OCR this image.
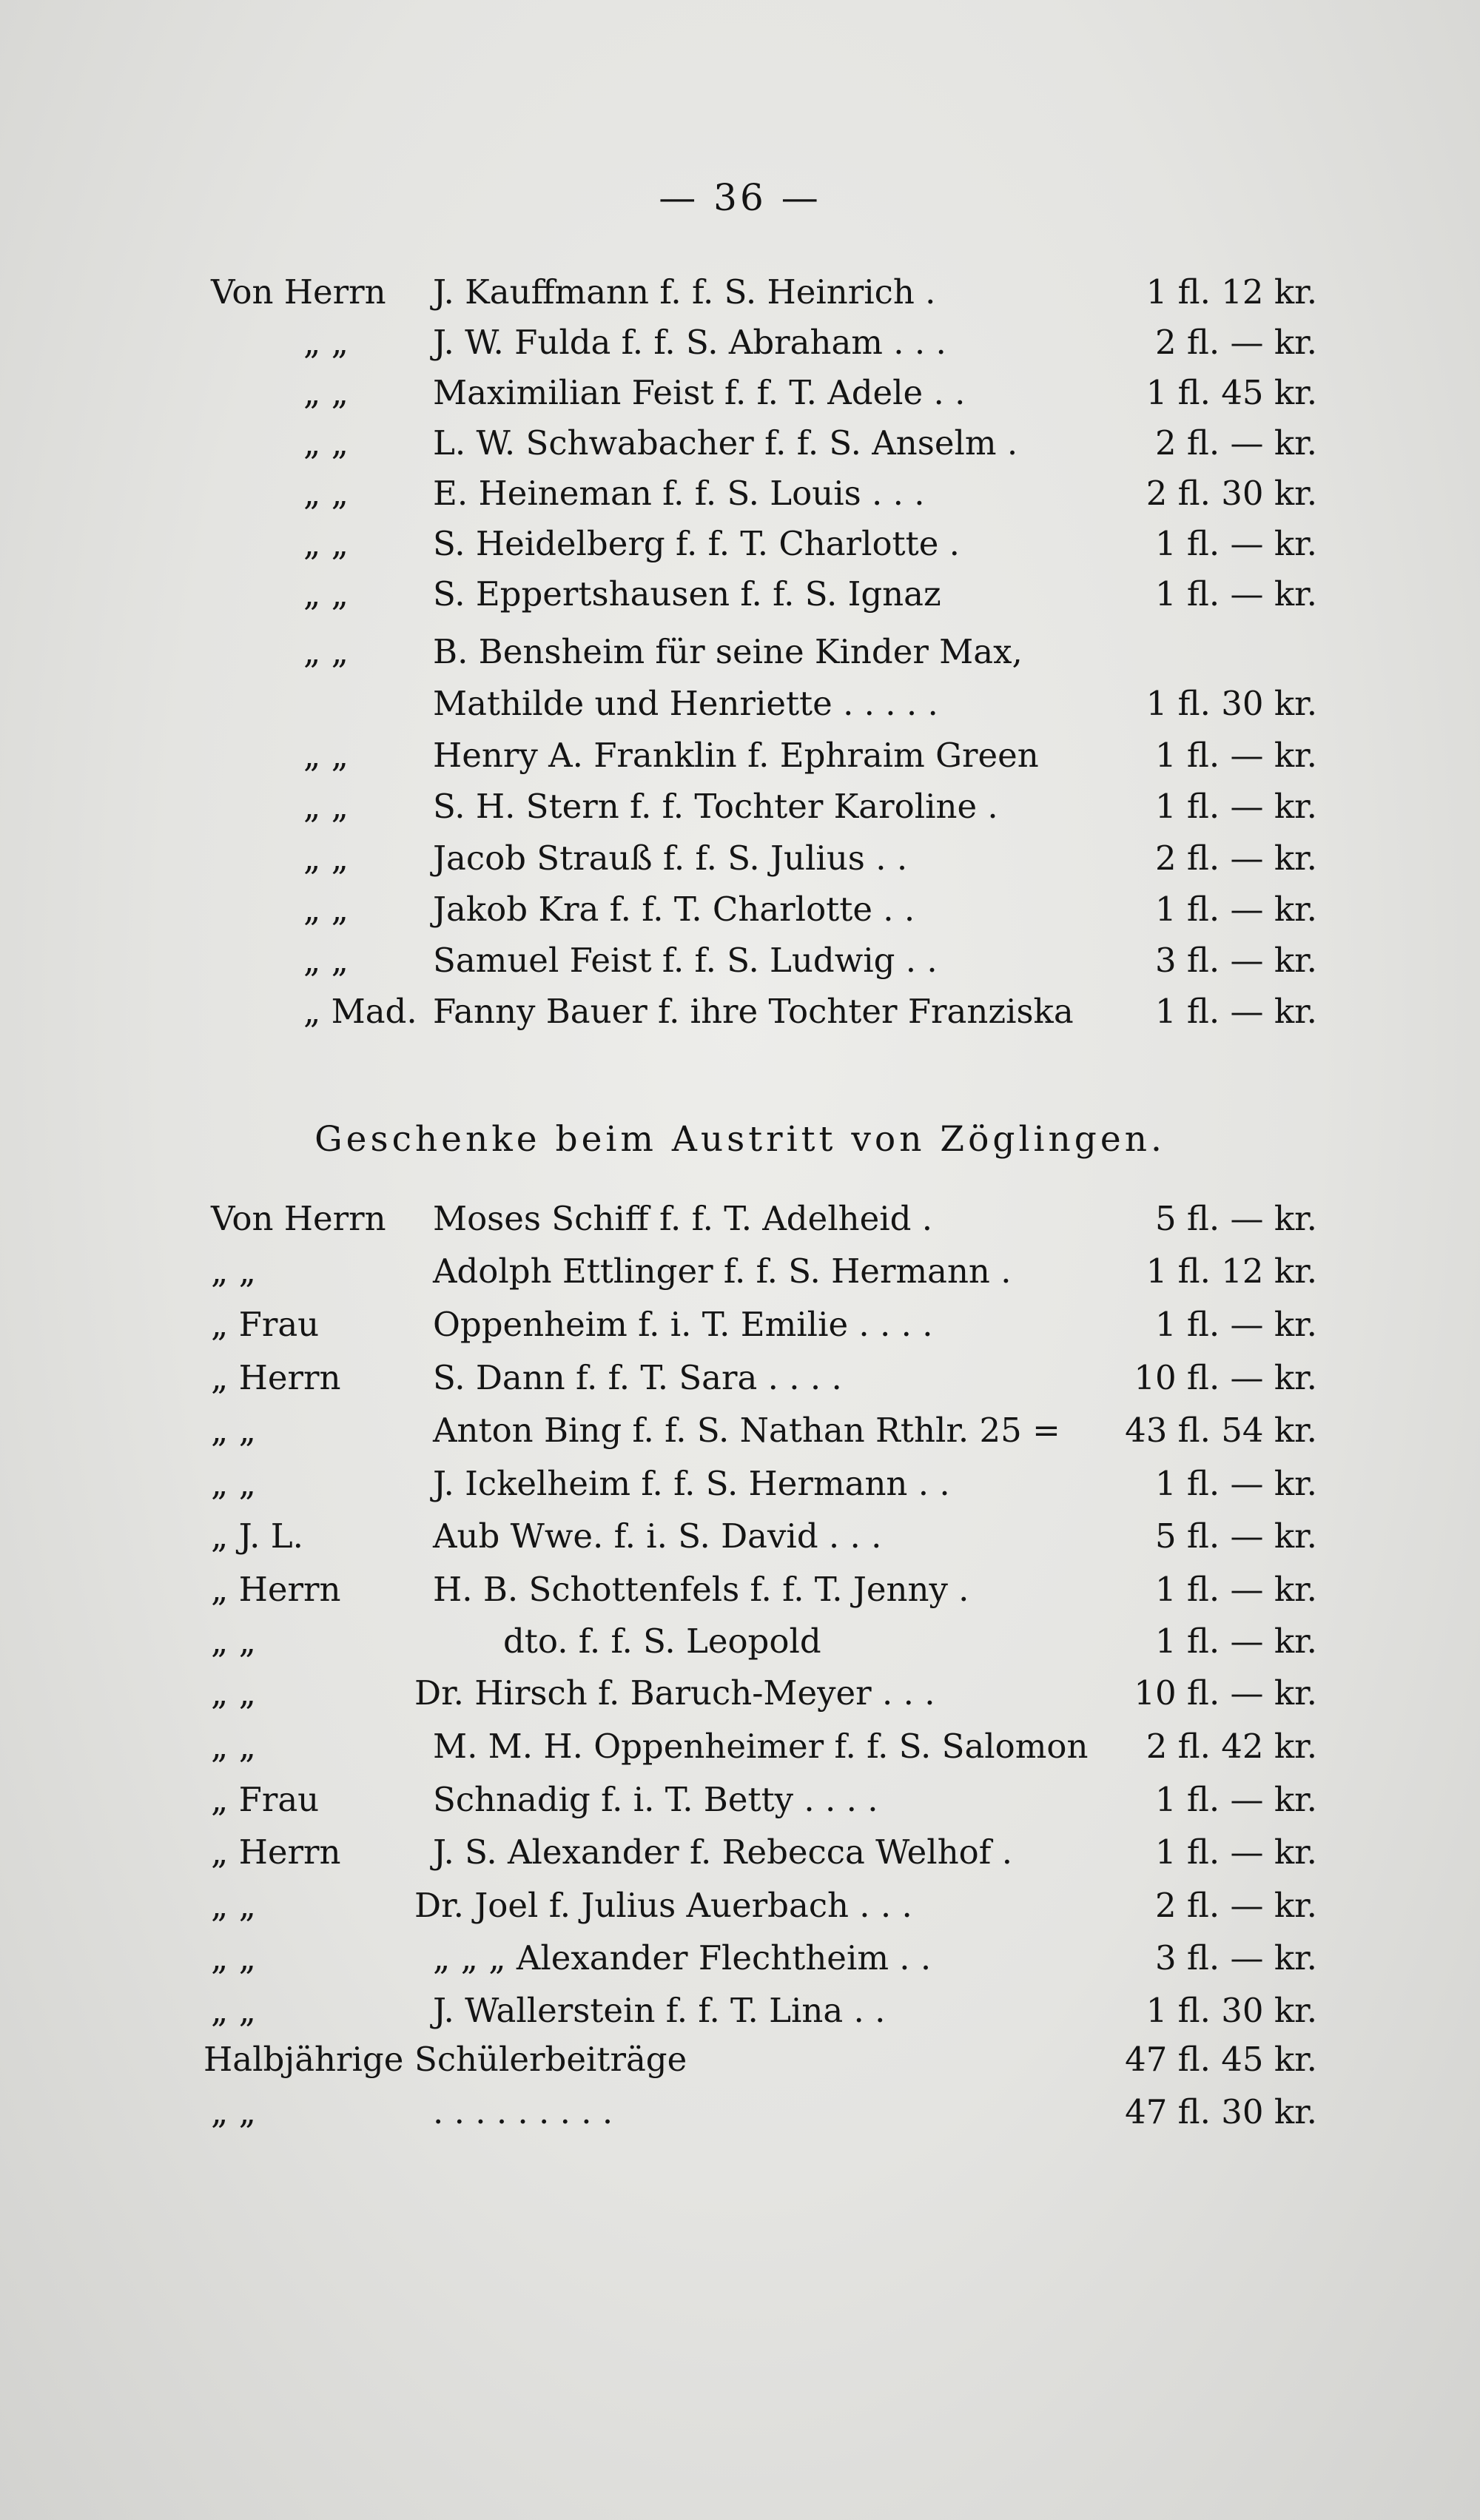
— 36 —
Von Herrn J. Kauffmann f. f. S. Heinrich .	1 fl. 12 kr.
„ „	J. W. Fulda f. f. S. Abraham . . .	2 fl. — kr.
„ „	Maximilian Feist f. f. T. Adele . .	1 fl. 45 kr.
„ „	L. W. Schwabacher f. f. S. Anselm .	2 fl. — kr.
„ „	E. Heineman f. f. S. Louis . . .	2 fl. 30 kr.
„ „	S. Heidelberg f. f. T. Charlotte .	1 fl. — kr.
„ „	S. Eppertshausen f. f. S. Ignaz	1 fl. — kr.
„ „	B. Bensheim für seine Kinder Max,
Mathilde und Henriette . . . . .	1 fl. 30 kr.
„ „	Henry A. Franklin f. Ephraim Green	1 fl. — kr.
„ „	S. H. Stern f. f. Tochter Karoline .	1 fl. — kr.
„ „	Jacob Strauß f. f. S. Julius . .	2 fl. — kr.
„ „	Jakob Kra f. f. T. Charlotte . .	1 fl. — kr.
„ „	Samuel Feist f. f. S. Ludwig . .	3 fl. — kr.
„ Mad. Fanny Bauer f. ihre Tochter Franziska 1 fl. — kr.
Geschenke beim Austritt von Zöglingen.
Von Herrn Moses Schiff f. f. T. Adelheid .	5 fl. — kr.
„ „	Adolph Ettlinger f. f. S. Hermann .	1 fl. 12 kr.
„ Frau	Oppenheim f. i. T. Emilie . . . .	1 fl. — kr.
„ Herrn	S. Dann f. f. T. Sara . . . .	10 fl. — kr.
„ „	Anton Bing f. f. S. Nathan Rthlr. 25 = 43 fl. 54 kr.
„ „	J. Ickelheim f. f. S. Hermann . .	1 fl. — kr.
„ J. L.	Aub Wwe. f. i. S. David . . .	5 fl. — kr.
„ Herrn	H. B. Schottenfels f. f. T. Jenny .	1 fl. — kr.
„ „	dto. f. f. S. Leopold	1 fl. — kr.
„ „	Dr. Hirsch f. Baruch-Meyer . . .	10 fl. — kr.
„ „	M. M. H. Oppenheimer f. f. S. Salomon 2 fl. 42 kr.
„ Frau	Schnadig f. i. T. Betty . . . .	1 fl. — kr.
„ Herrn	J. S. Alexander f. Rebecca Welhof .	1 fl. — kr.
„ „	Dr. Joel f. Julius Auerbach . . .	2 fl. — kr.
„ „	„ „ „ Alexander Flechtheim . .	3 fl. — kr.
„ „	J. Wallerstein f. f. T. Lina . .	1 fl. 30 kr.
Halbjährige Schülerbeiträge	47 fl. 45 kr.
„ „	. . . . . . . . .	47 fl. 30 kr.
